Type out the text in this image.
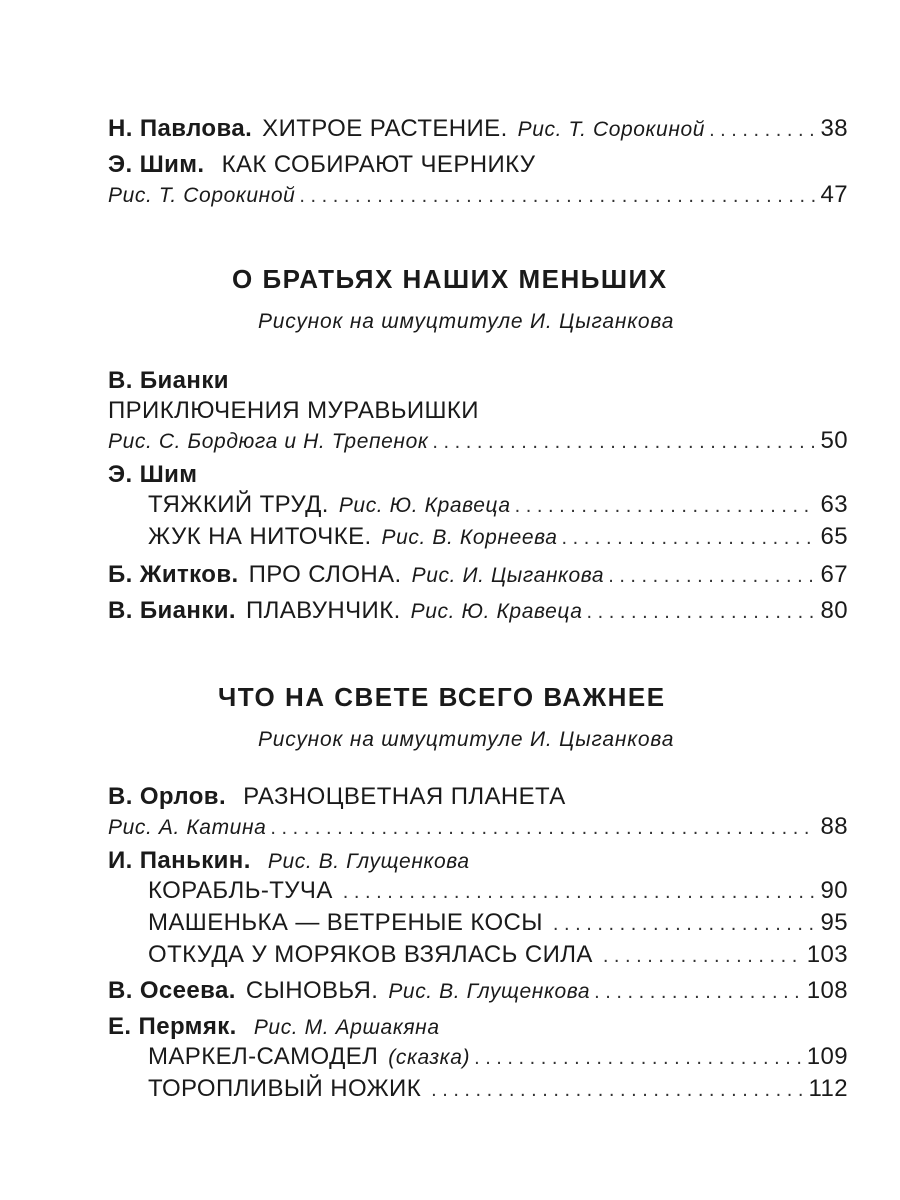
Н. Павлова. ХИТРОЕ РАСТЕНИЕ. Рис. Т. Сорокиной . . .	38
Э. Шим. КАК СОБИРАЮТ ЧЕРНИКУ
Рис. Т. Сорокиной . . .	47
О БРАТЬЯХ НАШИХ МЕНЬШИХ
Рисунок на шмуцтитуле И. Цыганкова
В. Бианки
ПРИКЛЮЧЕНИЯ МУРАВЬИШКИ
Рис. С. Бордюга и Н. Трепенок . . .	50
Э. Шим
ТЯЖКИЙ ТРУД. Рис. Ю. Кравеца . . .	63
ЖУК НА НИТОЧКЕ. Рис. В. Корнеева . . .	65
Б. Житков. ПРО СЛОНА. Рис. И. Цыганкова . . .	67
В. Бианки. ПЛАВУНЧИК. Рис. Ю. Кравеца . . .	80
ЧТО НА СВЕТЕ ВСЕГО ВАЖНЕЕ
Рисунок на шмуцтитуле И. Цыганкова
В. Орлов. РАЗНОЦВЕТНАЯ ПЛАНЕТА
Рис. А. Катина . . .	88
И. Панькин. Рис. В. Глущенкова
КОРАБЛЬ-ТУЧА . . .	90
МАШЕНЬКА — ВЕТРЕНЫЕ КОСЫ . . .	95
ОТКУДА У МОРЯКОВ ВЗЯЛАСЬ СИЛА . . .	103
В. Осеева. СЫНОВЬЯ. Рис. В. Глущенкова . . .	108
Е. Пермяк. Рис. М. Аршакяна
МАРКЕЛ-САМОДЕЛ (сказка) . . .	109
ТОРОПЛИВЫЙ НОЖИК . . .	112
